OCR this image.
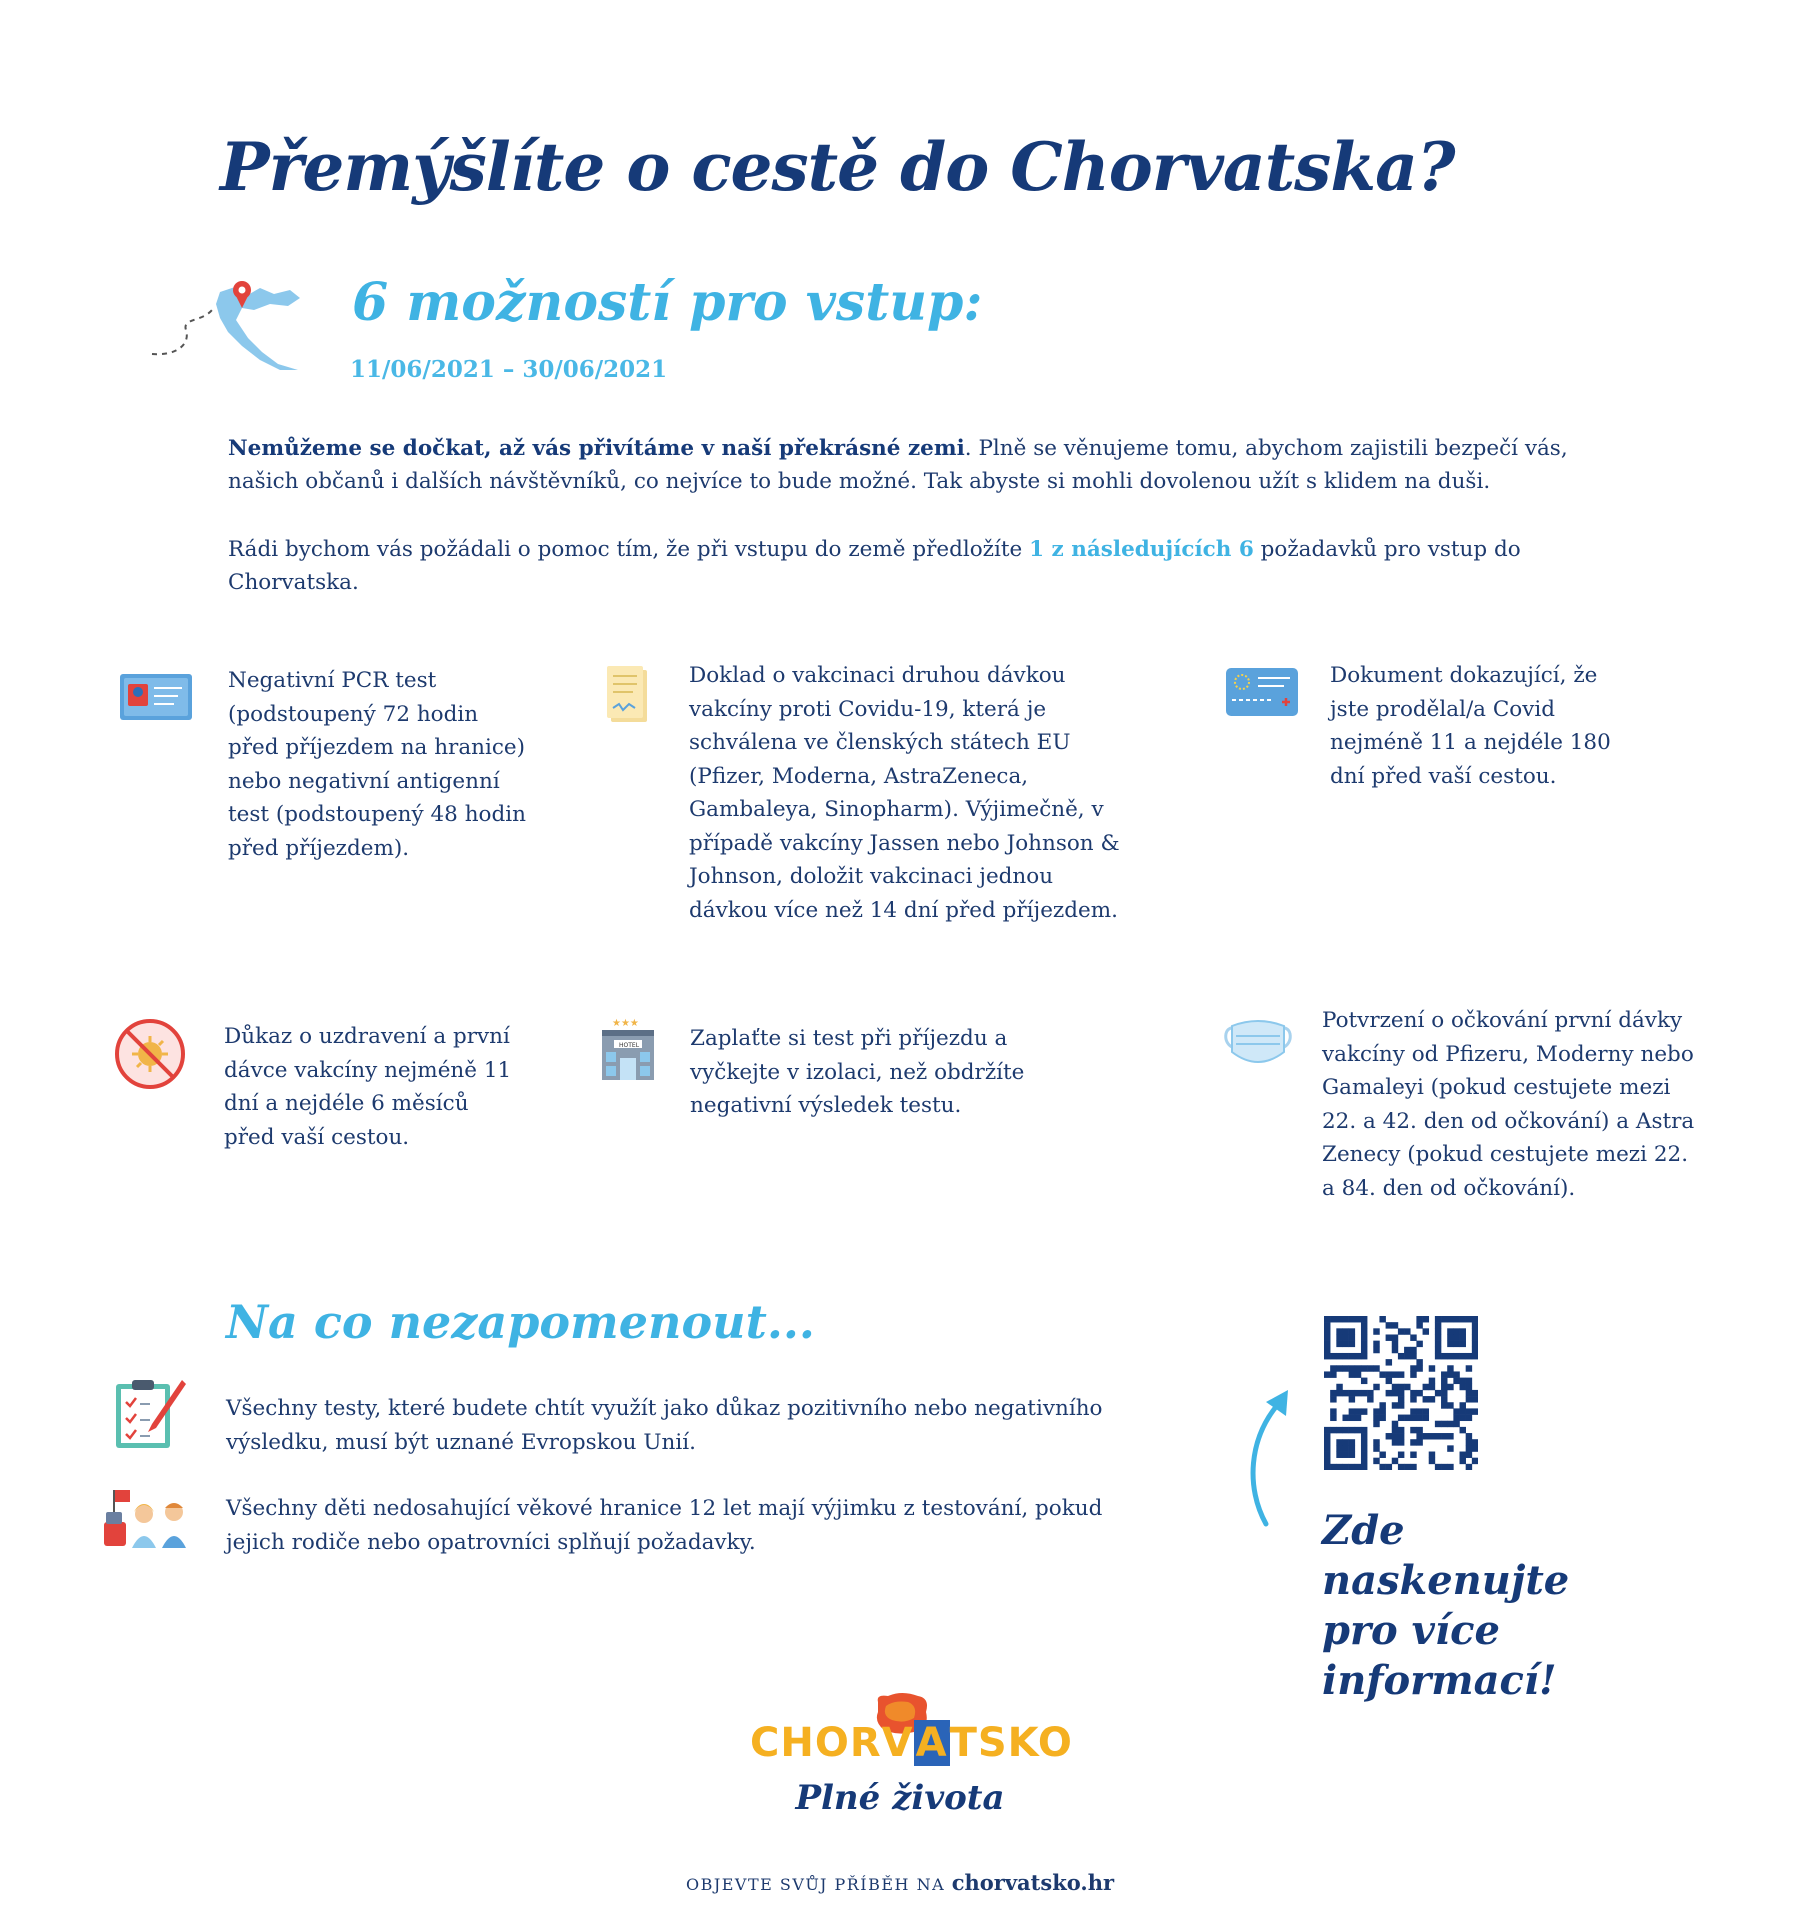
Přemýšlíte o cestě do Chorvatska?
6 možností pro vstup:
11/06/2021 – 30/06/2021
Nemůžeme se dočkat, až vás přivítáme v naší překrásné zemi. Plně se věnujeme tomu, abychom zajistili bezpečí vás, našich občanů i dalších návštěvníků, co nejvíce to bude možné. Tak abyste si mohli dovolenou užít s klidem na duši.
Rádi bychom vás požádali o pomoc tím, že při vstupu do země předložíte 1 z následujících 6 požadavků pro vstup do Chorvatska.
Negativní PCR test (podstoupený 72 hodin před příjezdem na hranice) nebo negativní antigenní test (podstoupený 48 hodin před příjezdem).
Doklad o vakcinaci druhou dávkou vakcíny proti Covidu-19, která je schválena ve členských státech EU (Pfizer, Moderna, AstraZeneca, Gambaleya, Sinopharm). Výjimečně, v případě vakcíny Jassen nebo Johnson & Johnson, doložit vakcinaci jednou dávkou více než 14 dní před příjezdem.
Dokument dokazující, že jste prodělal/a Covid nejméně 11 a nejdéle 180 dní před vaší cestou.
Důkaz o uzdravení a první dávce vakcíny nejméně 11 dní a nejdéle 6 měsíců před vaší cestou.
★★★
HOTEL Zaplaťte si test při příjezdu a vyčkejte v izolaci, než obdržíte negativní výsledek testu.
Potvrzení o očkování první dávky vakcíny od Pfizeru, Moderny nebo Gamaleyi (pokud cestujete mezi 22. a 42. den od očkování) a Astra Zenecy (pokud cestujete mezi 22. a 84. den od očkování).
Na co nezapomenout...
Všechny testy, které budete chtít využít jako důkaz pozitivního nebo negativního výsledku, musí být uznané Evropskou Unií.
Všechny děti nedosahující věkové hranice 12 let mají výjimku z testování, pokud jejich rodiče nebo opatrovníci splňují požadavky.	Zde naskenujte pro více informací!
CHORVATSKO
Plné života
OBJEVTE SVŮJ PŘÍBĚH NA chorvatsko.hr
